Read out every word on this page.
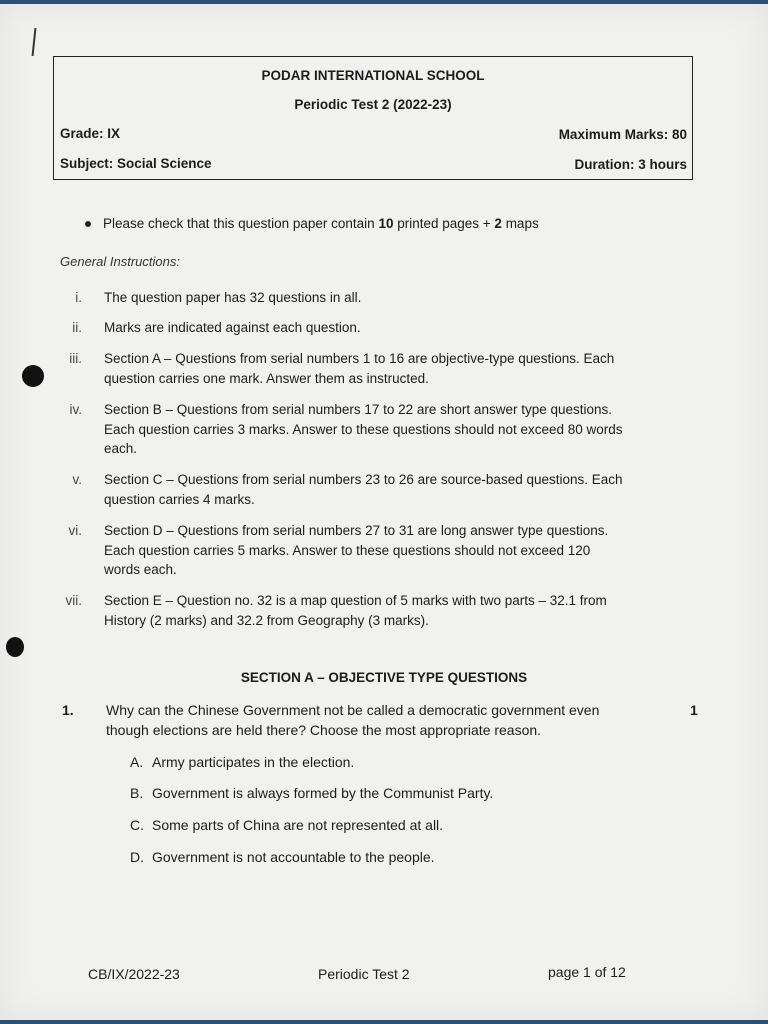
PODAR INTERNATIONAL SCHOOL
Periodic Test 2 (2022-23)
Grade: IX	Maximum Marks: 80
Subject: Social Science	Duration: 3 hours
Please check that this question paper contain 10 printed pages + 2 maps
General Instructions:
i. The question paper has 32 questions in all.
ii. Marks are indicated against each question.
iii. Section A – Questions from serial numbers 1 to 16 are objective-type questions. Each
question carries one mark. Answer them as instructed.
iv. Section B – Questions from serial numbers 17 to 22 are short answer type questions.
Each question carries 3 marks. Answer to these questions should not exceed 80 words
each.
v. Section C – Questions from serial numbers 23 to 26 are source-based questions. Each
question carries 4 marks.
vi. Section D – Questions from serial numbers 27 to 31 are long answer type questions.
Each question carries 5 marks. Answer to these questions should not exceed 120
words each.
vii. Section E – Question no. 32 is a map question of 5 marks with two parts – 32.1 from
History (2 marks) and 32.2 from Geography (3 marks).
SECTION A – OBJECTIVE TYPE QUESTIONS
1. Why can the Chinese Government not be called a democratic government even
though elections are held there? Choose the most appropriate reason.
1
A. Army participates in the election.
B. Government is always formed by the Communist Party.
C. Some parts of China are not represented at all.
D. Government is not accountable to the people.
CB/IX/2022-23	Periodic Test 2	page 1 of 12
